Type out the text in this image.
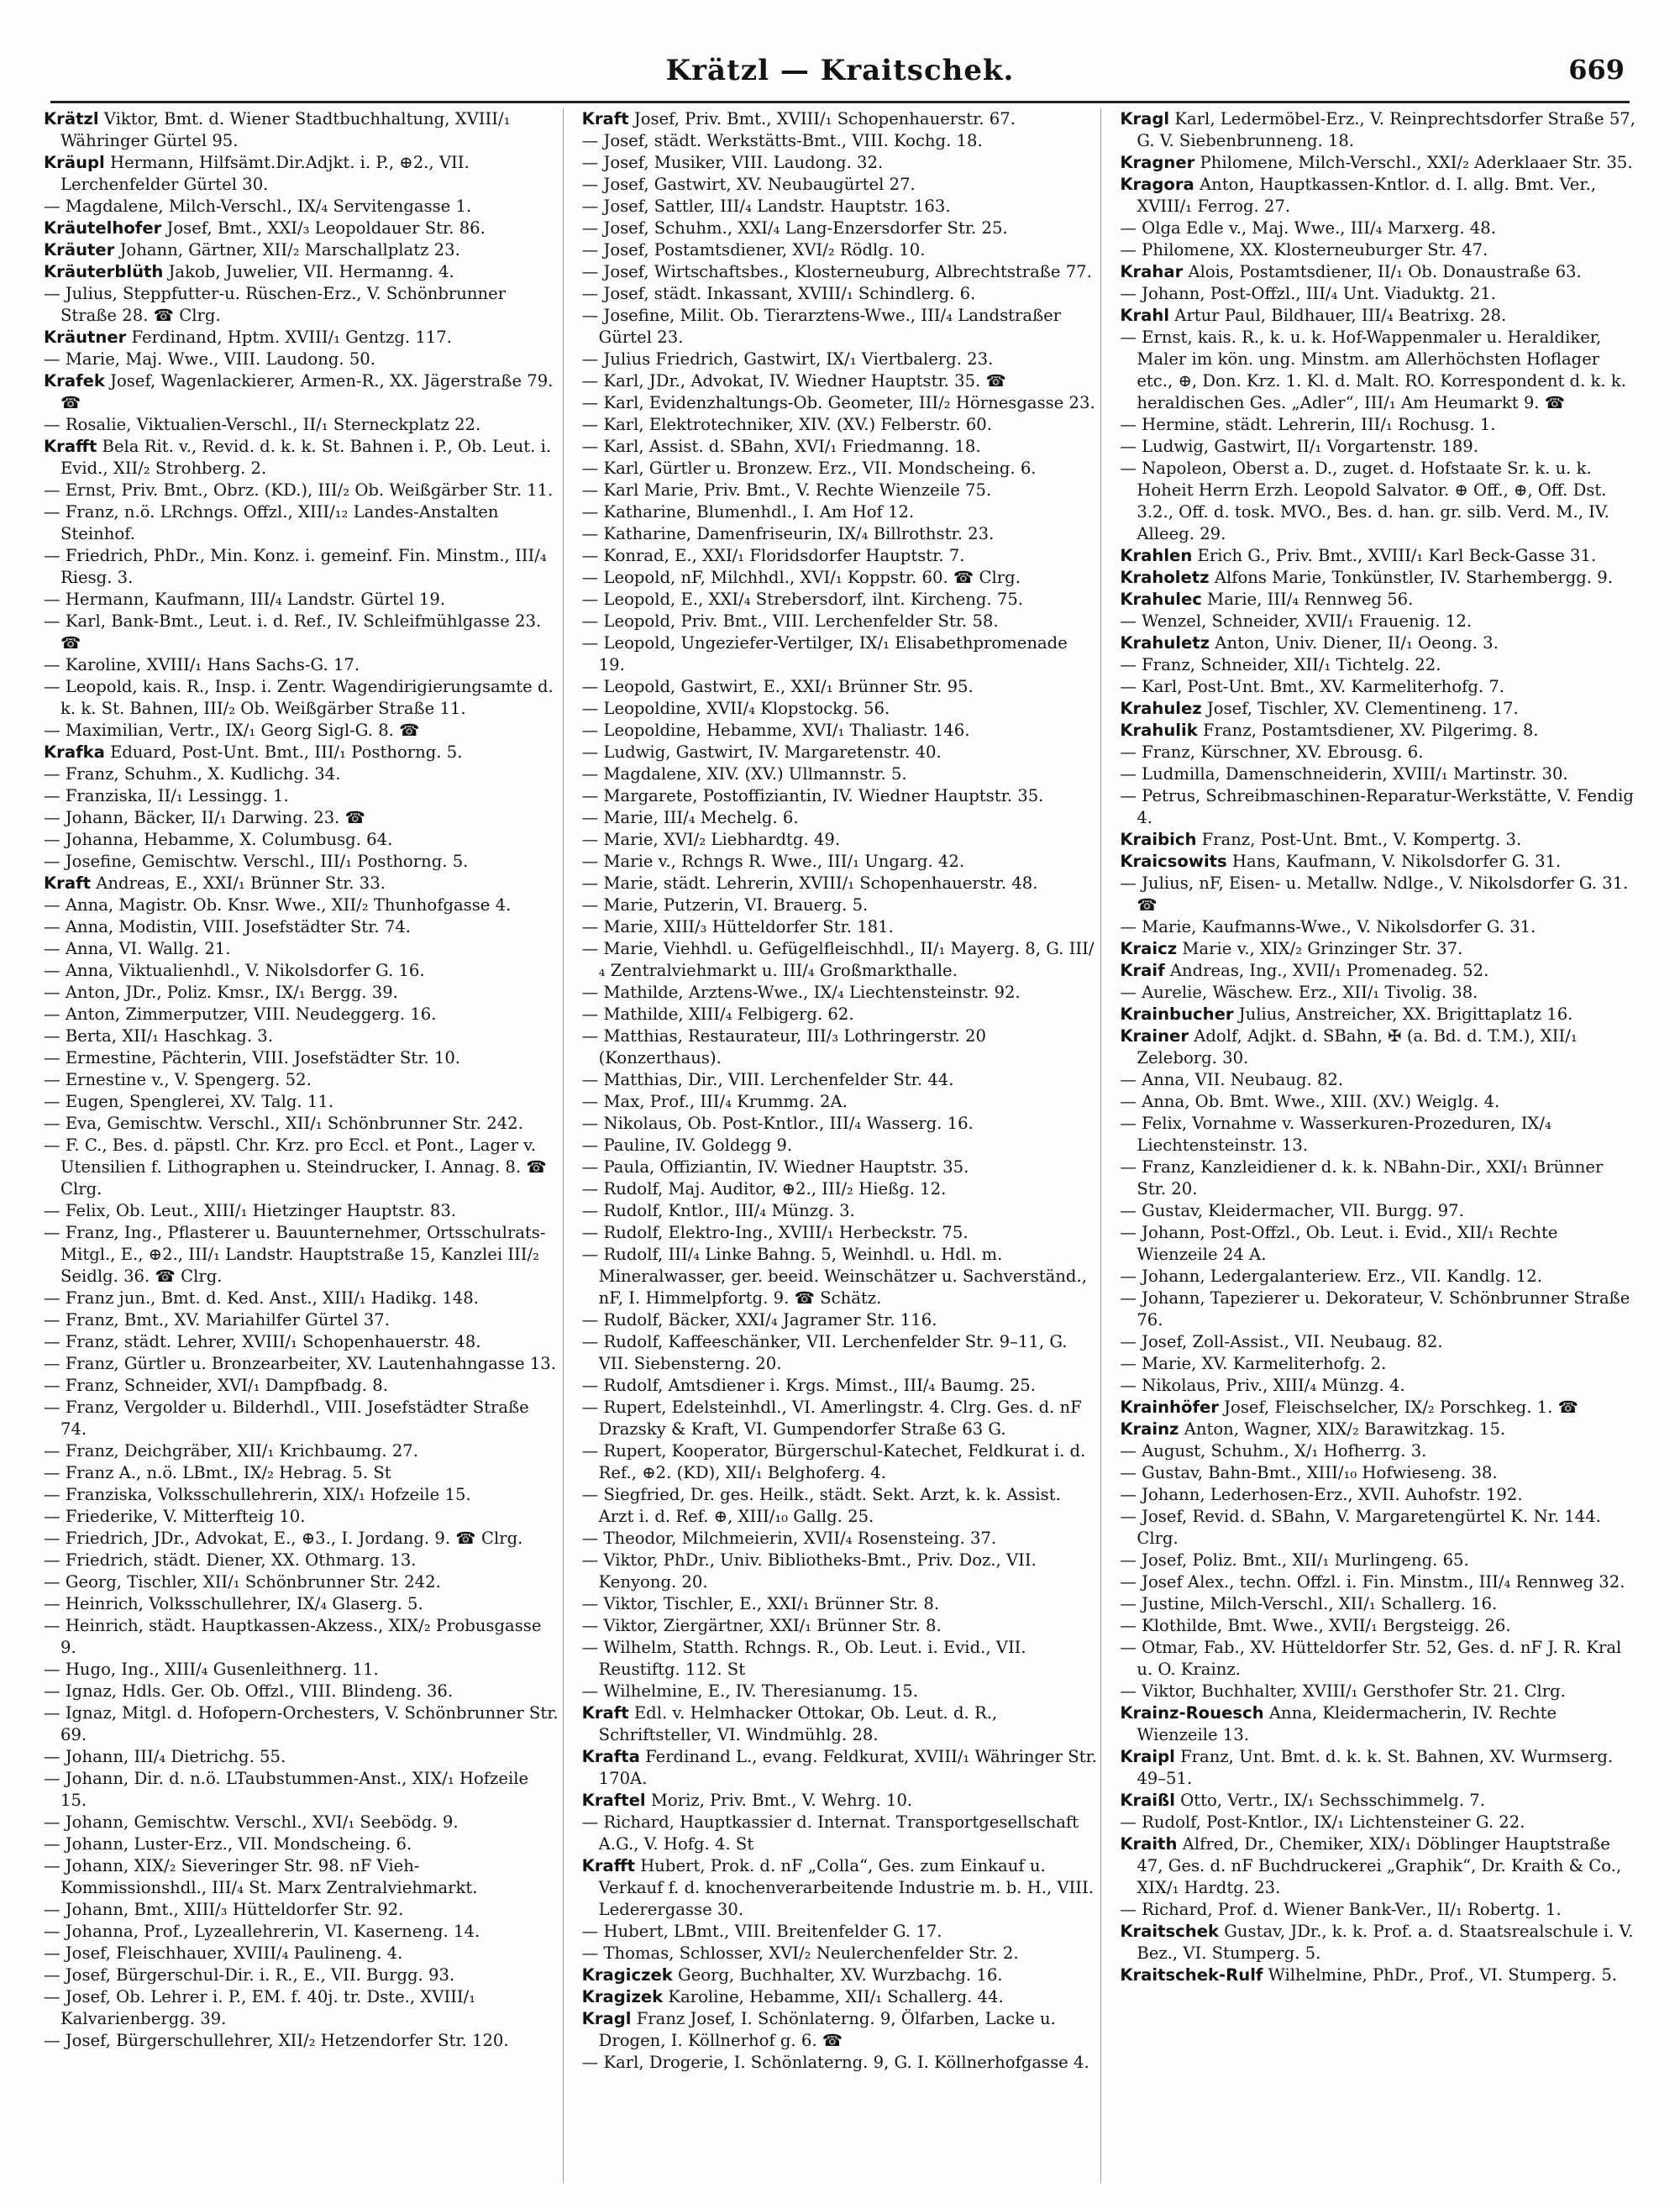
Krätzl — Kraitschek.	669

Krätzl Viktor, Bmt. d. Wiener Stadtbuchhaltung, XVIII/₁ Währinger Gürtel 95.

Kräupl Hermann, Hilfsämt.Dir.Adjkt. i. P., ⊕2., VII. Lerchenfelder Gürtel 30.

— Magdalene, Milch-Verschl., IX/₄ Servitengasse 1.

Kräutelhofer Josef, Bmt., XXI/₃ Leopoldauer Str. 86.

Kräuter Johann, Gärtner, XII/₂ Marschallplatz 23.

Kräuterblüth Jakob, Juwelier, VII. Hermanng. 4.

— Julius, Steppfutter-u. Rüschen-Erz., V. Schönbrunner Straße 28. ☎ Clrg.

Kräutner Ferdinand, Hptm. XVIII/₁ Gentzg. 117.

— Marie, Maj. Wwe., VIII. Laudong. 50.

Krafek Josef, Wagenlackierer, Armen-R., XX. Jägerstraße 79. ☎

— Rosalie, Viktualien-Verschl., II/₁ Sterneckplatz 22.

Krafft Bela Rit. v., Revid. d. k. k. St. Bahnen i. P., Ob. Leut. i. Evid., XII/₂ Strohberg. 2.

— Ernst, Priv. Bmt., Obrz. (KD.), III/₂ Ob. Weißgärber Str. 11.

— Franz, n.ö. LRchngs. Offzl., XIII/₁₂ Landes-Anstalten Steinhof.

— Friedrich, PhDr., Min. Konz. i. gemeinf. Fin. Minstm., III/₄ Riesg. 3.

— Hermann, Kaufmann, III/₄ Landstr. Gürtel 19.

— Karl, Bank-Bmt., Leut. i. d. Ref., IV. Schleifmühlgasse 23. ☎

— Karoline, XVIII/₁ Hans Sachs-G. 17.

— Leopold, kais. R., Insp. i. Zentr. Wagendirigierungsamte d. k. k. St. Bahnen, III/₂ Ob. Weißgärber Straße 11.

— Maximilian, Vertr., IX/₁ Georg Sigl-G. 8. ☎

Krafka Eduard, Post-Unt. Bmt., III/₁ Posthorng. 5.

— Franz, Schuhm., X. Kudlichg. 34.

— Franziska, II/₁ Lessingg. 1.

— Johann, Bäcker, II/₁ Darwing. 23. ☎

— Johanna, Hebamme, X. Columbusg. 64.

— Josefine, Gemischtw. Verschl., III/₁ Posthorng. 5.

Kraft Andreas, E., XXI/₁ Brünner Str. 33.

— Anna, Magistr. Ob. Knsr. Wwe., XII/₂ Thunhofgasse 4.

— Anna, Modistin, VIII. Josefstädter Str. 74.

— Anna, VI. Wallg. 21.

— Anna, Viktualienhdl., V. Nikolsdorfer G. 16.

— Anton, JDr., Poliz. Kmsr., IX/₁ Bergg. 39.

— Anton, Zimmerputzer, VIII. Neudeggerg. 16.

— Berta, XII/₁ Haschkag. 3.

— Ermestine, Pächterin, VIII. Josefstädter Str. 10.

— Ernestine v., V. Spengerg. 52.

— Eugen, Spenglerei, XV. Talg. 11.

— Eva, Gemischtw. Verschl., XII/₁ Schönbrunner Str. 242.

— F. C., Bes. d. päpstl. Chr. Krz. pro Eccl. et Pont., Lager v. Utensilien f. Lithographen u. Steindrucker, I. Annag. 8. ☎ Clrg.

— Felix, Ob. Leut., XIII/₁ Hietzinger Hauptstr. 83.

— Franz, Ing., Pflasterer u. Bauunternehmer, Ortsschulrats-Mitgl., E., ⊕2., III/₁ Landstr. Hauptstraße 15, Kanzlei III/₂ Seidlg. 36. ☎ Clrg.

— Franz jun., Bmt. d. Ked. Anst., XIII/₁ Hadikg. 148.

— Franz, Bmt., XV. Mariahilfer Gürtel 37.

— Franz, städt. Lehrer, XVIII/₁ Schopenhauerstr. 48.

— Franz, Gürtler u. Bronzearbeiter, XV. Lautenhahngasse 13.

— Franz, Schneider, XVI/₁ Dampfbadg. 8.

— Franz, Vergolder u. Bilderhdl., VIII. Josefstädter Straße 74.

— Franz, Deichgräber, XII/₁ Krichbaumg. 27.

— Franz A., n.ö. LBmt., IX/₂ Hebrag. 5. St

— Franziska, Volksschullehrerin, XIX/₁ Hofzeile 15.

— Friederike, V. Mitterfteig 10.

— Friedrich, JDr., Advokat, E., ⊕3., I. Jordang. 9. ☎ Clrg.

— Friedrich, städt. Diener, XX. Othmarg. 13.

— Georg, Tischler, XII/₁ Schönbrunner Str. 242.

— Heinrich, Volksschullehrer, IX/₄ Glaserg. 5.

— Heinrich, städt. Hauptkassen-Akzess., XIX/₂ Probusgasse 9.

— Hugo, Ing., XIII/₄ Gusenleithnerg. 11.

— Ignaz, Hdls. Ger. Ob. Offzl., VIII. Blindeng. 36.

— Ignaz, Mitgl. d. Hofopern-Orchesters, V. Schönbrunner Str. 69.

— Johann, III/₄ Dietrichg. 55.

— Johann, Dir. d. n.ö. LTaubstummen-Anst., XIX/₁ Hofzeile 15.

— Johann, Gemischtw. Verschl., XVI/₁ Seebödg. 9.

— Johann, Luster-Erz., VII. Mondscheing. 6.

— Johann, XIX/₂ Sieveringer Str. 98. nF Vieh-Kommissionshdl., III/₄ St. Marx Zentralviehmarkt.

— Johann, Bmt., XIII/₃ Hütteldorfer Str. 92.

— Johanna, Prof., Lyzeallehrerin, VI. Kaserneng. 14.

— Josef, Fleischhauer, XVIII/₄ Paulineng. 4.

— Josef, Bürgerschul-Dir. i. R., E., VII. Burgg. 93.

— Josef, Ob. Lehrer i. P., EM. f. 40j. tr. Dste., XVIII/₁ Kalvarienbergg. 39.

— Josef, Bürgerschullehrer, XII/₂ Hetzendorfer Str. 120.

Kraft Josef, Priv. Bmt., XVIII/₁ Schopenhauerstr. 67.

— Josef, städt. Werkstätts-Bmt., VIII. Kochg. 18.

— Josef, Musiker, VIII. Laudong. 32.

— Josef, Gastwirt, XV. Neubaugürtel 27.

— Josef, Sattler, III/₄ Landstr. Hauptstr. 163.

— Josef, Schuhm., XXI/₄ Lang-Enzersdorfer Str. 25.

— Josef, Postamtsdiener, XVI/₂ Rödlg. 10.

— Josef, Wirtschaftsbes., Klosterneuburg, Albrechtstraße 77.

— Josef, städt. Inkassant, XVIII/₁ Schindlerg. 6.

— Josefine, Milit. Ob. Tierarztens-Wwe., III/₄ Landstraßer Gürtel 23.

— Julius Friedrich, Gastwirt, IX/₁ Viertbalerg. 23.

— Karl, JDr., Advokat, IV. Wiedner Hauptstr. 35. ☎

— Karl, Evidenzhaltungs-Ob. Geometer, III/₂ Hörnesgasse 23.

— Karl, Elektrotechniker, XIV. (XV.) Felberstr. 60.

— Karl, Assist. d. SBahn, XVI/₁ Friedmanng. 18.

— Karl, Gürtler u. Bronzew. Erz., VII. Mondscheing. 6.

— Karl Marie, Priv. Bmt., V. Rechte Wienzeile 75.

— Katharine, Blumenhdl., I. Am Hof 12.

— Katharine, Damenfriseurin, IX/₄ Billrothstr. 23.

— Konrad, E., XXI/₁ Floridsdorfer Hauptstr. 7.

— Leopold, nF, Milchhdl., XVI/₁ Koppstr. 60. ☎ Clrg.

— Leopold, E., XXI/₄ Strebersdorf, ilnt. Kircheng. 75.

— Leopold, Priv. Bmt., VIII. Lerchenfelder Str. 58.

— Leopold, Ungeziefer-Vertilger, IX/₁ Elisabethpromenade 19.

— Leopold, Gastwirt, E., XXI/₁ Brünner Str. 95.

— Leopoldine, XVII/₄ Klopstockg. 56.

— Leopoldine, Hebamme, XVI/₁ Thaliastr. 146.

— Ludwig, Gastwirt, IV. Margaretenstr. 40.

— Magdalene, XIV. (XV.) Ullmannstr. 5.

— Margarete, Postoffiziantin, IV. Wiedner Hauptstr. 35.

— Marie, III/₄ Mechelg. 6.

— Marie, XVI/₂ Liebhardtg. 49.

— Marie v., Rchngs R. Wwe., III/₁ Ungarg. 42.

— Marie, städt. Lehrerin, XVIII/₁ Schopenhauerstr. 48.

— Marie, Putzerin, VI. Brauerg. 5.

— Marie, XIII/₃ Hütteldorfer Str. 181.

— Marie, Viehhdl. u. Gefügelfleischhdl., II/₁ Mayerg. 8, G. III/₄ Zentralviehmarkt u. III/₄ Großmarkthalle.

— Mathilde, Arztens-Wwe., IX/₄ Liechtensteinstr. 92.

— Mathilde, XIII/₄ Felbigerg. 62.

— Matthias, Restaurateur, III/₃ Lothringerstr. 20 (Konzerthaus).

— Matthias, Dir., VIII. Lerchenfelder Str. 44.

— Max, Prof., III/₄ Krummg. 2A.

— Nikolaus, Ob. Post-Kntlor., III/₄ Wasserg. 16.

— Pauline, IV. Goldegg 9.

— Paula, Offiziantin, IV. Wiedner Hauptstr. 35.

— Rudolf, Maj. Auditor, ⊕2., III/₂ Hießg. 12.

— Rudolf, Kntlor., III/₄ Münzg. 3.

— Rudolf, Elektro-Ing., XVIII/₁ Herbeckstr. 75.

— Rudolf, III/₄ Linke Bahng. 5, Weinhdl. u. Hdl. m. Mineralwasser, ger. beeid. Weinschätzer u. Sachverständ., nF, I. Himmelpfortg. 9. ☎ Schätz.

— Rudolf, Bäcker, XXI/₄ Jagramer Str. 116.

— Rudolf, Kaffeeschänker, VII. Lerchenfelder Str. 9–11, G. VII. Siebensterng. 20.

— Rudolf, Amtsdiener i. Krgs. Mimst., III/₄ Baumg. 25.

— Rupert, Edelsteinhdl., VI. Amerlingstr. 4. Clrg. Ges. d. nF Drazsky & Kraft, VI. Gumpendorfer Straße 63 G.

— Rupert, Kooperator, Bürgerschul-Katechet, Feldkurat i. d. Ref., ⊕2. (KD), XII/₁ Belghoferg. 4.

— Siegfried, Dr. ges. Heilk., städt. Sekt. Arzt, k. k. Assist. Arzt i. d. Ref. ⊕, XIII/₁₀ Gallg. 25.

— Theodor, Milchmeierin, XVII/₄ Rosensteing. 37.

— Viktor, PhDr., Univ. Bibliotheks-Bmt., Priv. Doz., VII. Kenyong. 20.

— Viktor, Tischler, E., XXI/₁ Brünner Str. 8.

— Viktor, Ziergärtner, XXI/₁ Brünner Str. 8.

— Wilhelm, Statth. Rchngs. R., Ob. Leut. i. Evid., VII. Reustiftg. 112. St

— Wilhelmine, E., IV. Theresianumg. 15.

Kraft Edl. v. Helmhacker Ottokar, Ob. Leut. d. R., Schriftsteller, VI. Windmühlg. 28.

Krafta Ferdinand L., evang. Feldkurat, XVIII/₁ Währinger Str. 170A.

Kraftel Moriz, Priv. Bmt., V. Wehrg. 10.

— Richard, Hauptkassier d. Internat. Transportgesellschaft A.G., V. Hofg. 4. St

Krafft Hubert, Prok. d. nF „Colla“, Ges. zum Einkauf u. Verkauf f. d. knochenverarbeitende Industrie m. b. H., VIII. Lederergasse 30.

— Hubert, LBmt., VIII. Breitenfelder G. 17.

— Thomas, Schlosser, XVI/₂ Neulerchenfelder Str. 2.

Kragiczek Georg, Buchhalter, XV. Wurzbachg. 16.

Kragizek Karoline, Hebamme, XII/₁ Schallerg. 44.

Kragl Franz Josef, I. Schönlaterng. 9, Ölfarben, Lacke u. Drogen, I. Köllnerhof g. 6. ☎

— Karl, Drogerie, I. Schönlaterng. 9, G. I. Köllnerhofgasse 4.

Kragl Karl, Ledermöbel-Erz., V. Reinprechtsdorfer Straße 57, G. V. Siebenbrunneng. 18.

Kragner Philomene, Milch-Verschl., XXI/₂ Aderklaaer Str. 35.

Kragora Anton, Hauptkassen-Kntlor. d. I. allg. Bmt. Ver., XVIII/₁ Ferrog. 27.

— Olga Edle v., Maj. Wwe., III/₄ Marxerg. 48.

— Philomene, XX. Klosterneuburger Str. 47.

Krahar Alois, Postamtsdiener, II/₁ Ob. Donaustraße 63.

— Johann, Post-Offzl., III/₄ Unt. Viaduktg. 21.

Krahl Artur Paul, Bildhauer, III/₄ Beatrixg. 28.

— Ernst, kais. R., k. u. k. Hof-Wappenmaler u. Heraldiker, Maler im kön. ung. Minstm. am Allerhöchsten Hoflager etc., ⊕, Don. Krz. 1. Kl. d. Malt. RO. Korrespondent d. k. k. heraldischen Ges. „Adler“, III/₁ Am Heumarkt 9. ☎

— Hermine, städt. Lehrerin, III/₁ Rochusg. 1.

— Ludwig, Gastwirt, II/₁ Vorgartenstr. 189.

— Napoleon, Oberst a. D., zuget. d. Hofstaate Sr. k. u. k. Hoheit Herrn Erzh. Leopold Salvator. ⊕ Off., ⊕, Off. Dst. 3.2., Off. d. tosk. MVO., Bes. d. han. gr. silb. Verd. M., IV. Alleeg. 29.

Krahlen Erich G., Priv. Bmt., XVIII/₁ Karl Beck-Gasse 31.

Kraholetz Alfons Marie, Tonkünstler, IV. Starhembergg. 9.

Krahulec Marie, III/₄ Rennweg 56.

— Wenzel, Schneider, XVII/₁ Frauenig. 12.

Krahuletz Anton, Univ. Diener, II/₁ Oeong. 3.

— Franz, Schneider, XII/₁ Tichtelg. 22.

— Karl, Post-Unt. Bmt., XV. Karmeliterhofg. 7.

Krahulez Josef, Tischler, XV. Clementineng. 17.

Krahulik Franz, Postamtsdiener, XV. Pilgerimg. 8.

— Franz, Kürschner, XV. Ebrousg. 6.

— Ludmilla, Damenschneiderin, XVIII/₁ Martinstr. 30.

— Petrus, Schreibmaschinen-Reparatur-Werkstätte, V. Fendig 4.

Kraibich Franz, Post-Unt. Bmt., V. Kompertg. 3.

Kraicsowits Hans, Kaufmann, V. Nikolsdorfer G. 31.

— Julius, nF, Eisen- u. Metallw. Ndlge., V. Nikolsdorfer G. 31. ☎

— Marie, Kaufmanns-Wwe., V. Nikolsdorfer G. 31.

Kraicz Marie v., XIX/₂ Grinzinger Str. 37.

Kraif Andreas, Ing., XVII/₁ Promenadeg. 52.

— Aurelie, Wäschew. Erz., XII/₁ Tivolig. 38.

Krainbucher Julius, Anstreicher, XX. Brigittaplatz 16.

Krainer Adolf, Adjkt. d. SBahn, ✠ (a. Bd. d. T.M.), XII/₁ Zeleborg. 30.

— Anna, VII. Neubaug. 82.

— Anna, Ob. Bmt. Wwe., XIII. (XV.) Weiglg. 4.

— Felix, Vornahme v. Wasserkuren-Prozeduren, IX/₄ Liechtensteinstr. 13.

— Franz, Kanzleidiener d. k. k. NBahn-Dir., XXI/₁ Brünner Str. 20.

— Gustav, Kleidermacher, VII. Burgg. 97.

— Johann, Post-Offzl., Ob. Leut. i. Evid., XII/₁ Rechte Wienzeile 24 A.

— Johann, Ledergalanteriew. Erz., VII. Kandlg. 12.

— Johann, Tapezierer u. Dekorateur, V. Schönbrunner Straße 76.

— Josef, Zoll-Assist., VII. Neubaug. 82.

— Marie, XV. Karmeliterhofg. 2.

— Nikolaus, Priv., XIII/₄ Münzg. 4.

Krainhöfer Josef, Fleischselcher, IX/₂ Porschkeg. 1. ☎

Krainz Anton, Wagner, XIX/₂ Barawitzkag. 15.

— August, Schuhm., X/₁ Hofherrg. 3.

— Gustav, Bahn-Bmt., XIII/₁₀ Hofwieseng. 38.

— Johann, Lederhosen-Erz., XVII. Auhofstr. 192.

— Josef, Revid. d. SBahn, V. Margaretengürtel K. Nr. 144. Clrg.

— Josef, Poliz. Bmt., XII/₁ Murlingeng. 65.

— Josef Alex., techn. Offzl. i. Fin. Minstm., III/₄ Rennweg 32.

— Justine, Milch-Verschl., XII/₁ Schallerg. 16.

— Klothilde, Bmt. Wwe., XVII/₁ Bergsteigg. 26.

— Otmar, Fab., XV. Hütteldorfer Str. 52, Ges. d. nF J. R. Kral u. O. Krainz.

— Viktor, Buchhalter, XVIII/₁ Gersthofer Str. 21. Clrg.

Krainz-Rouesch Anna, Kleidermacherin, IV. Rechte Wienzeile 13.

Kraipl Franz, Unt. Bmt. d. k. k. St. Bahnen, XV. Wurmserg. 49–51.

Kraißl Otto, Vertr., IX/₁ Sechsschimmelg. 7.

— Rudolf, Post-Kntlor., IX/₁ Lichtensteiner G. 22.

Kraith Alfred, Dr., Chemiker, XIX/₁ Döblinger Hauptstraße 47, Ges. d. nF Buchdruckerei „Graphik“, Dr. Kraith & Co., XIX/₁ Hardtg. 23.

— Richard, Prof. d. Wiener Bank-Ver., II/₁ Robertg. 1.

Kraitschek Gustav, JDr., k. k. Prof. a. d. Staatsrealschule i. V. Bez., VI. Stumperg. 5.

Kraitschek-Rulf Wilhelmine, PhDr., Prof., VI. Stumperg. 5.
